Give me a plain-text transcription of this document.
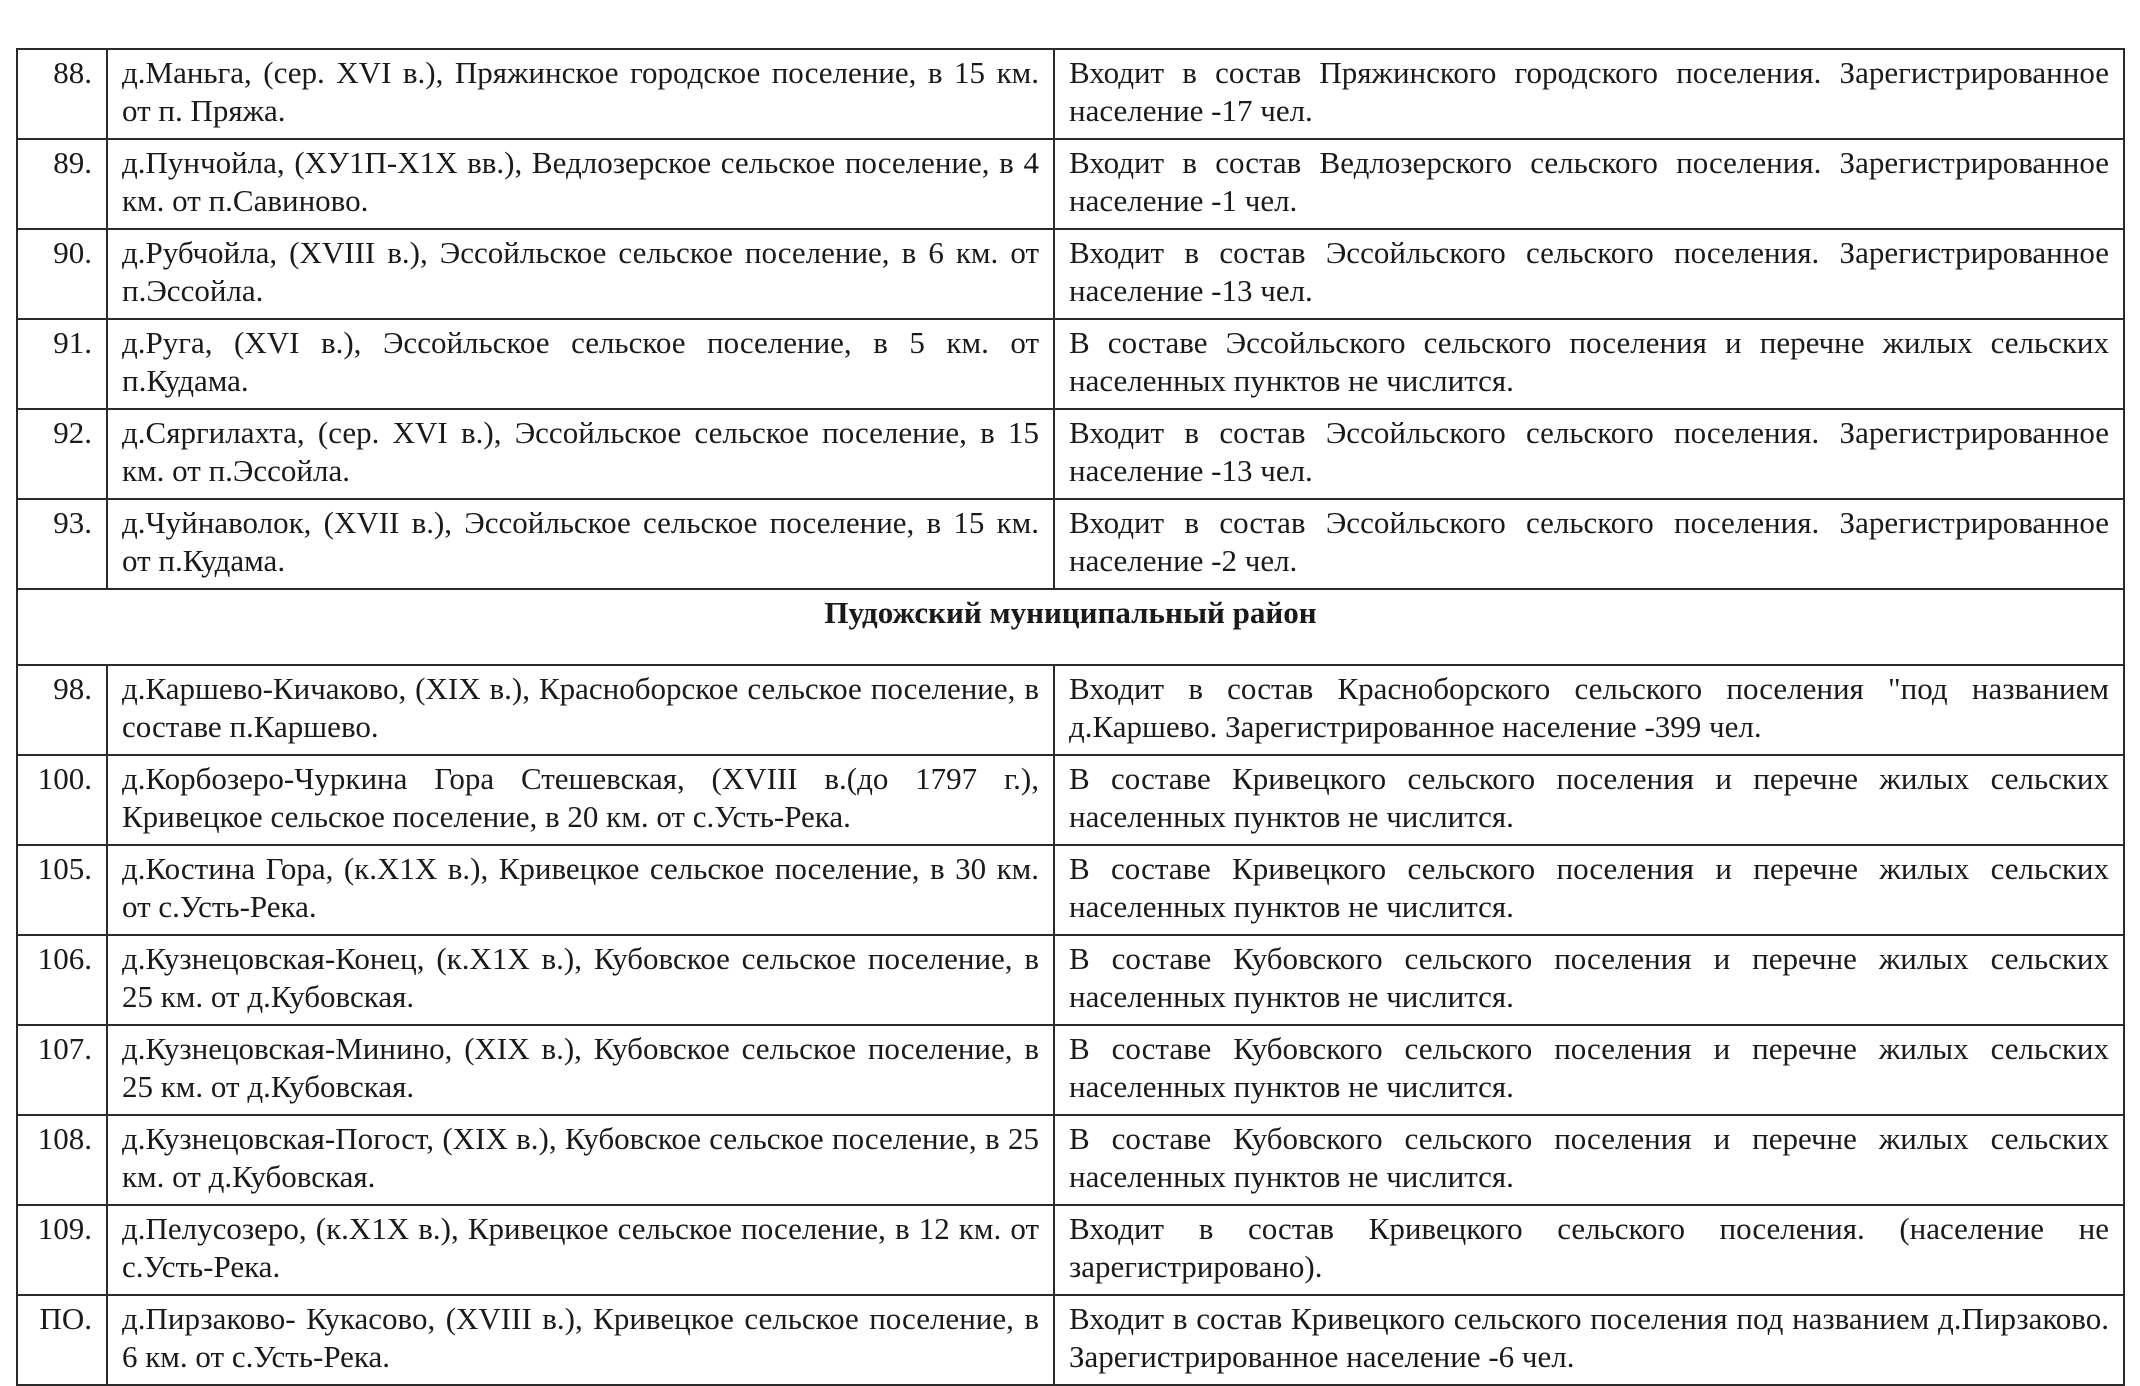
88.	д.Маньга, (сер. XVI в.), Пряжинское городское поселение, в 15 км. от п. Пряжа.	Входит в состав Пряжинского городского поселения. Зарегистрированное население -17 чел.
89.	д.Пунчойла, (ХУ1П-Х1Х вв.), Ведлозерское сельское поселение, в 4 км. от п.Савиново.	Входит в состав Ведлозерского сельского поселения. Зарегистрированное население -1 чел.
90.	д.Рубчойла, (XVIII в.), Эссойльское сельское поселение, в 6 км. от п.Эссойла.	Входит в состав Эссойльского сельского поселения. Зарегистрированное население -13 чел.
91.	д.Руга, (XVI в.), Эссойльское сельское поселение, в 5 км. от п.Кудама.	В составе Эссойльского сельского поселения и перечне жилых сельских населенных пунктов не числится.
92.	д.Сяргилахта, (сер. XVI в.), Эссойльское сельское поселение, в 15 км. от п.Эссойла.	Входит в состав Эссойльского сельского поселения. Зарегистрированное население -13 чел.
93.	д.Чуйнаволок, (XVII в.), Эссойльское сельское поселение, в 15 км. от п.Кудама.	Входит в состав Эссойльского сельского поселения. Зарегистрированное население -2 чел.
Пудожский муниципальный район		
98.	д.Каршево-Кичаково, (XIX в.), Красноборское сельское поселение, в составе п.Каршево.	Входит в состав Красноборского сельского поселения "под названием д.Каршево. Зарегистрированное население -399 чел.
100.	д.Корбозеро-Чуркина Гора Стешевская, (XVIII в.(до 1797 г.), Кривецкое сельское поселение, в 20 км. от с.Усть-Река.	В составе Кривецкого сельского поселения и перечне жилых сельских населенных пунктов не числится.
105.	д.Костина Гора, (к.Х1Х в.), Кривецкое сельское поселение, в 30 км. от с.Усть-Река.	В составе Кривецкого сельского поселения и перечне жилых сельских населенных пунктов не числится.
106.	д.Кузнецовская-Конец, (к.Х1Х в.), Кубовское сельское поселение, в 25 км. от д.Кубовская.	В составе Кубовского сельского поселения и перечне жилых сельских населенных пунктов не числится.
107.	д.Кузнецовская-Минино, (XIX в.), Кубовское сельское поселение, в 25 км. от д.Кубовская.	В составе Кубовского сельского поселения и перечне жилых сельских населенных пунктов не числится.
108.	д.Кузнецовская-Погост, (XIX в.), Кубовское сельское поселение, в 25 км. от д.Кубовская.	В составе Кубовского сельского поселения и перечне жилых сельских населенных пунктов не числится.
109.	д.Пелусозеро, (к.Х1Х в.), Кривецкое сельское поселение, в 12 км. от с.Усть-Река.	Входит в состав Кривецкого сельского поселения. (население не зарегистрировано).
ПО.	д.Пирзаково- Кукасово, (XVIII в.), Кривецкое сельское поселение, в 6 км. от с.Усть-Река.	Входит в состав Кривецкого сельского поселения под названием д.Пирзаково. Зарегистрированное население -6 чел.
